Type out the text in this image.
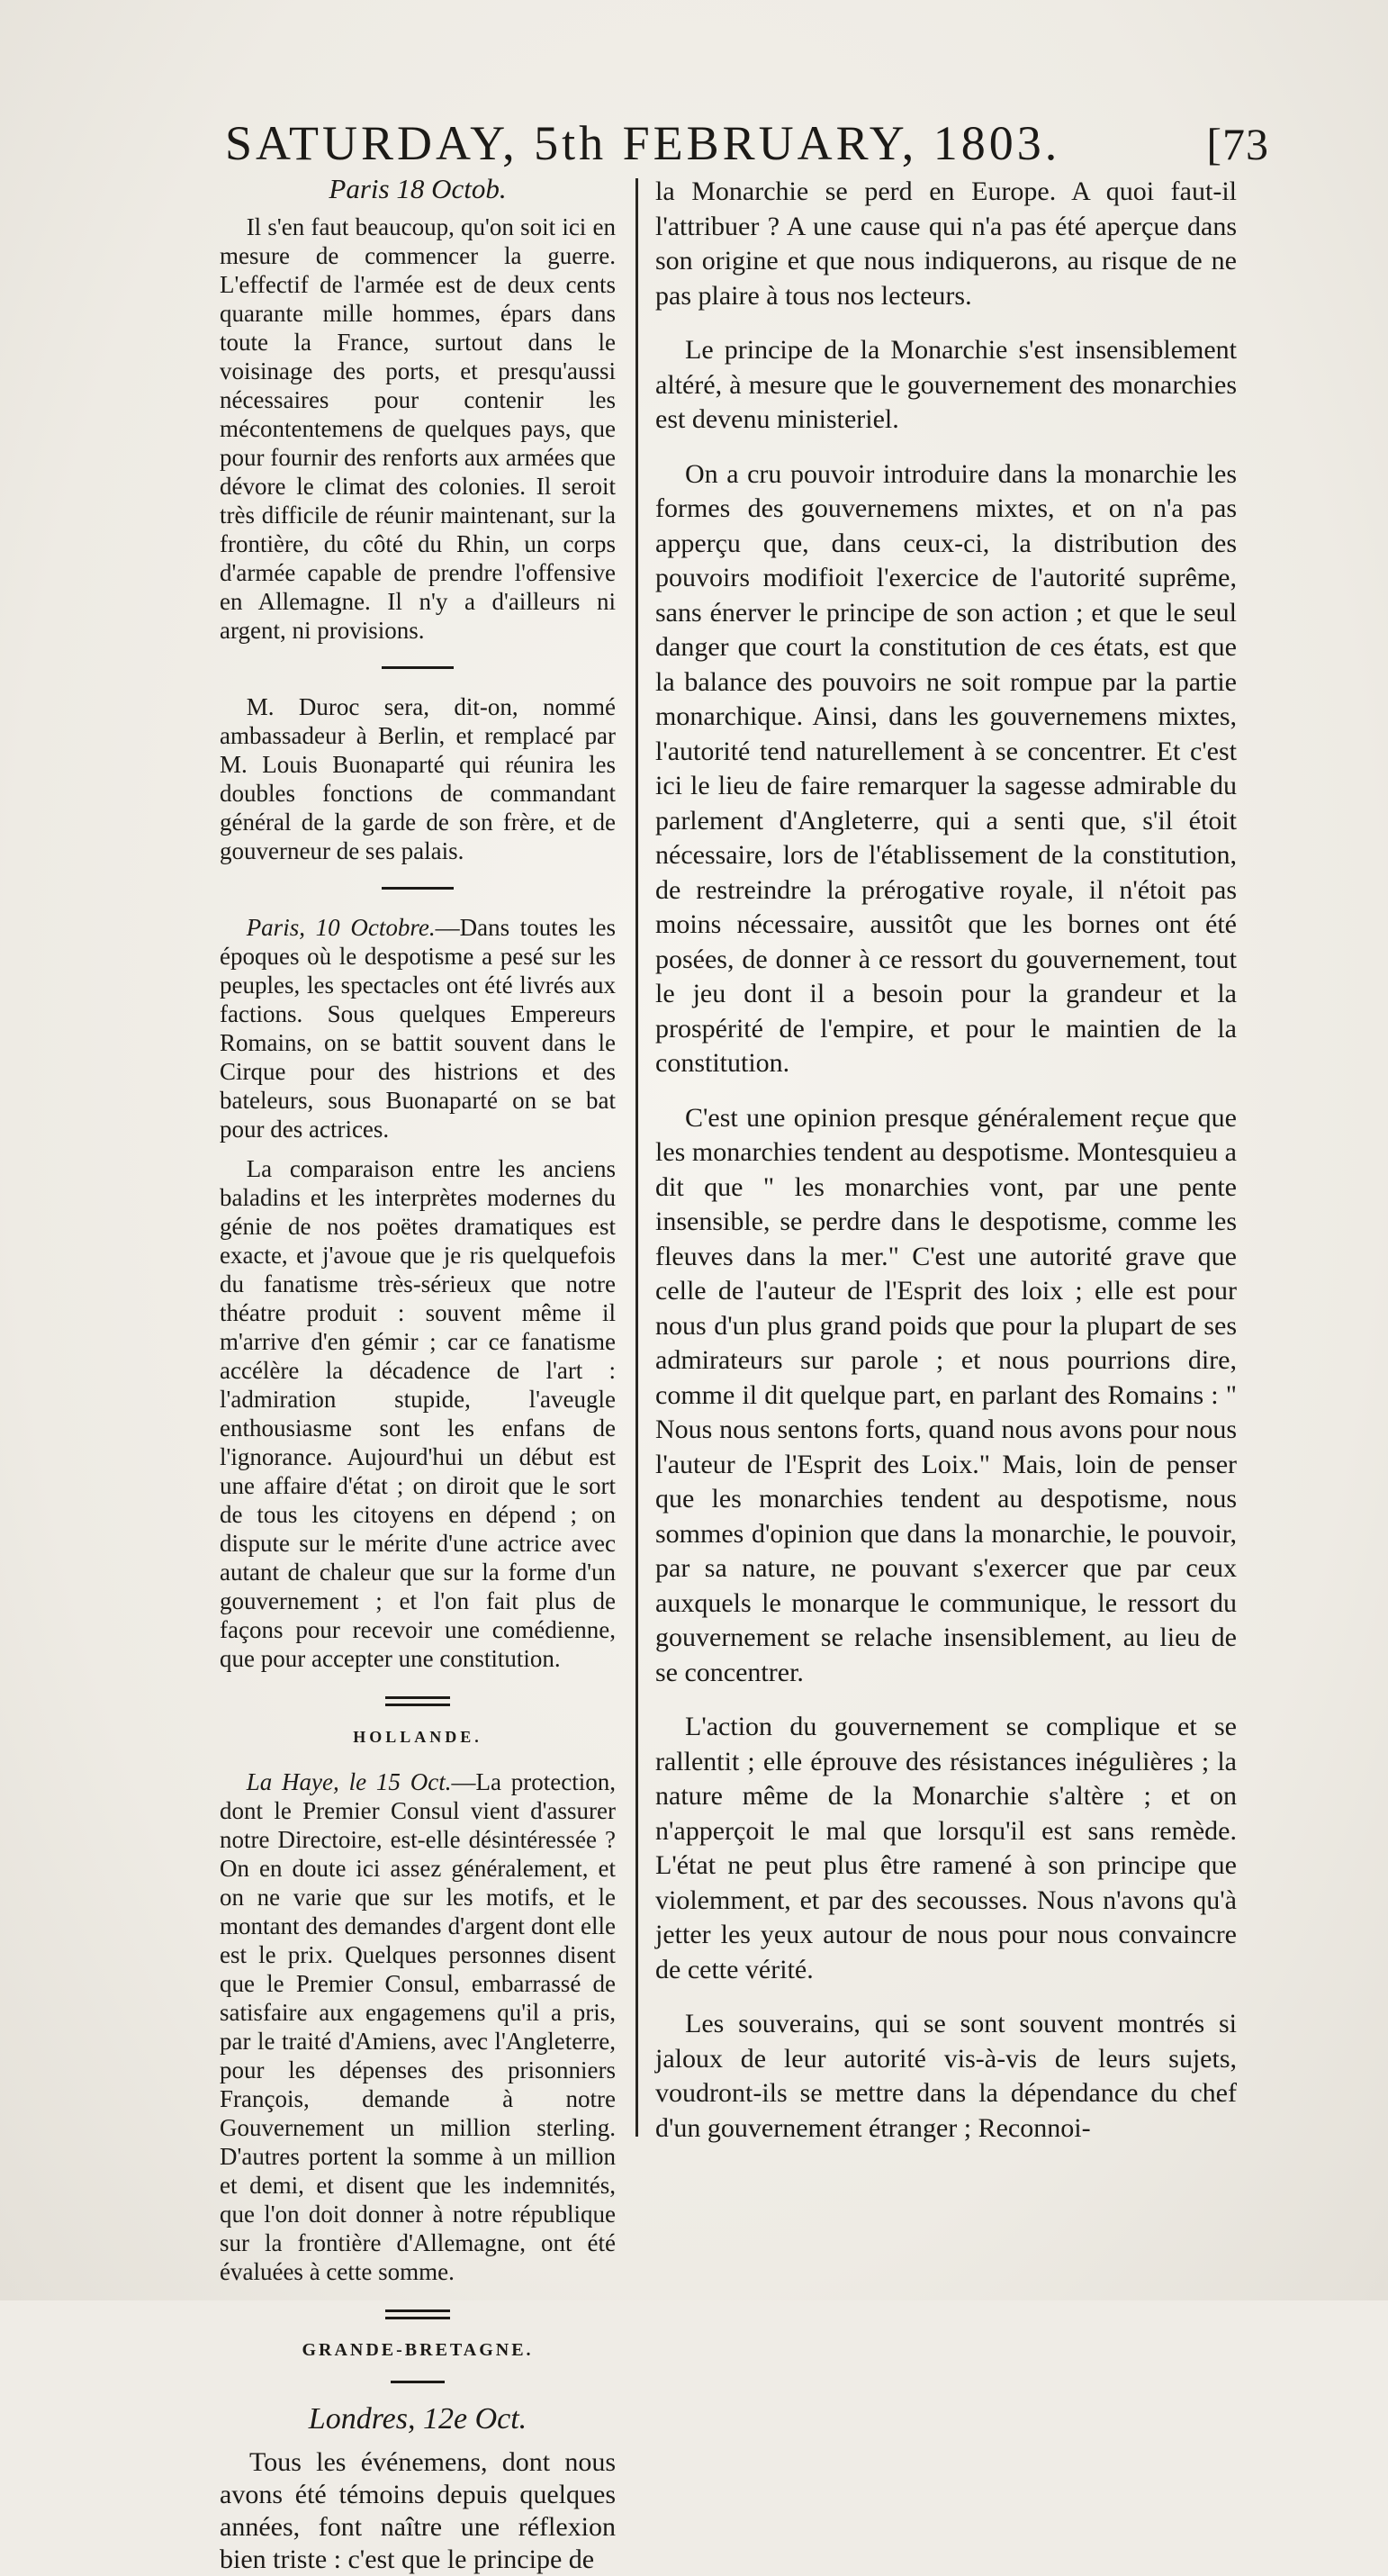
SATURDAY, 5th FEBRUARY, 1803.	[73
Paris 18 Octob.

Il s'en faut beaucoup, qu'on soit ici en mesure de commencer la guerre. L'effectif de l'armée est de deux cents quarante mille hommes, épars dans toute la France, surtout dans le voisinage des ports, et presqu'aussi nécessaires pour contenir les mécontentemens de quelques pays, que pour fournir des renforts aux armées que dévore le climat des colonies. Il seroit très difficile de réunir maintenant, sur la frontière, du côté du Rhin, un corps d'armée capable de prendre l'offensive en Allemagne. Il n'y a d'ailleurs ni argent, ni provisions.

M. Duroc sera, dit-on, nommé ambassadeur à Berlin, et remplacé par M. Louis Buonaparté qui réunira les doubles fonctions de commandant général de la garde de son frère, et de gouverneur de ses palais.

Paris, 10 Octobre.—Dans toutes les époques où le despotisme a pesé sur les peuples, les spectacles ont été livrés aux factions. Sous quelques Empereurs Romains, on se battit souvent dans le Cirque pour des histrions et des bateleurs, sous Buonaparté on se bat pour des actrices.

La comparaison entre les anciens baladins et les interprètes modernes du génie de nos poëtes dramatiques est exacte, et j'avoue que je ris quelquefois du fanatisme très-sérieux que notre théatre produit : souvent même il m'arrive d'en gémir ; car ce fanatisme accélère la décadence de l'art : l'admiration stupide, l'aveugle enthousiasme sont les enfans de l'ignorance. Aujourd'hui un début est une affaire d'état ; on diroit que le sort de tous les citoyens en dépend ; on dispute sur le mérite d'une actrice avec autant de chaleur que sur la forme d'un gouvernement ; et l'on fait plus de façons pour recevoir une comédienne, que pour accepter une constitution.

HOLLANDE.

La Haye, le 15 Oct.—La protection, dont le Premier Consul vient d'assurer notre Directoire, est-elle désintéressée ? On en doute ici assez généralement, et on ne varie que sur les motifs, et le montant des demandes d'argent dont elle est le prix. Quelques personnes disent que le Premier Consul, embarrassé de satisfaire aux engagemens qu'il a pris, par le traité d'Amiens, avec l'Angleterre, pour les dépenses des prisonniers François, demande à notre Gouvernement un million sterling. D'autres portent la somme à un million et demi, et disent que les indemnités, que l'on doit donner à notre république sur la frontière d'Allemagne, ont été évaluées à cette somme.

GRANDE-BRETAGNE.
Londres, 12e Oct.

Tous les événemens, dont nous avons été témoins depuis quelques années, font naître une réflexion bien triste : c'est que le principe de

la Monarchie se perd en Europe. A quoi faut-il l'attribuer ? A une cause qui n'a pas été aperçue dans son origine et que nous indiquerons, au risque de ne pas plaire à tous nos lecteurs.

Le principe de la Monarchie s'est insensiblement altéré, à mesure que le gouvernement des monarchies est devenu ministeriel.

On a cru pouvoir introduire dans la monarchie les formes des gouvernemens mixtes, et on n'a pas apperçu que, dans ceux-ci, la distribution des pouvoirs modifioit l'exercice de l'autorité suprême, sans énerver le principe de son action ; et que le seul danger que court la constitution de ces états, est que la balance des pouvoirs ne soit rompue par la partie monarchique. Ainsi, dans les gouvernemens mixtes, l'autorité tend naturellement à se concentrer. Et c'est ici le lieu de faire remarquer la sagesse admirable du parlement d'Angleterre, qui a senti que, s'il étoit nécessaire, lors de l'établissement de la constitution, de restreindre la prérogative royale, il n'étoit pas moins nécessaire, aussitôt que les bornes ont été posées, de donner à ce ressort du gouvernement, tout le jeu dont il a besoin pour la grandeur et la prospérité de l'empire, et pour le maintien de la constitution.

C'est une opinion presque généralement reçue que les monarchies tendent au despotisme. Montesquieu a dit que " les monarchies vont, par une pente insensible, se perdre dans le despotisme, comme les fleuves dans la mer." C'est une autorité grave que celle de l'auteur de l'Esprit des loix ; elle est pour nous d'un plus grand poids que pour la plupart de ses admirateurs sur parole ; et nous pourrions dire, comme il dit quelque part, en parlant des Romains : " Nous nous sentons forts, quand nous avons pour nous l'auteur de l'Esprit des Loix." Mais, loin de penser que les monarchies tendent au despotisme, nous sommes d'opinion que dans la monarchie, le pouvoir, par sa nature, ne pouvant s'exercer que par ceux auxquels le monarque le communique, le ressort du gouvernement se relache insensiblement, au lieu de se concentrer.

L'action du gouvernement se complique et se rallentit ; elle éprouve des résistances inégulières ; la nature même de la Monarchie s'altère ; et on n'apperçoit le mal que lorsqu'il est sans remède. L'état ne peut plus être ramené à son principe que violemment, et par des secousses. Nous n'avons qu'à jetter les yeux autour de nous pour nous convaincre de cette vérité.

Les souverains, qui se sont souvent montrés si jaloux de leur autorité vis-à-vis de leurs sujets, voudront-ils se mettre dans la dépendance du chef d'un gouvernement étranger ; Reconnoi-
